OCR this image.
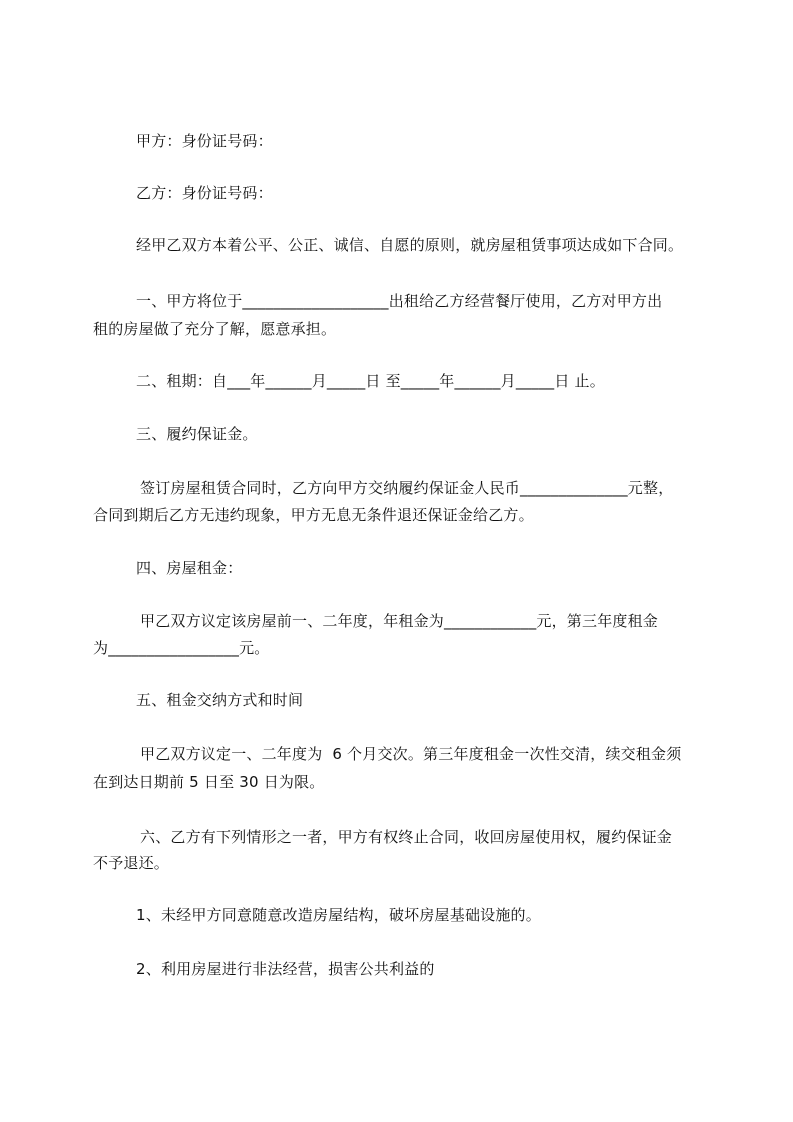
甲方：身份证号码：
乙方：身份证号码：
经甲乙双方本着公平、公正、诚信、自愿的原则，就房屋租赁事项达成如下合同。
一、甲方将位于___________________出租给乙方经营餐厅使用，乙方对甲方出
租的房屋做了充分了解，愿意承担。
二、租期：自___年______月_____日 至_____年______月_____日 止。
三、履约保证金。
签订房屋租赁合同时，乙方向甲方交纳履约保证金人民币______________元整，
合同到期后乙方无违约现象，甲方无息无条件退还保证金给乙方。
四、房屋租金：
甲乙双方议定该房屋前一、二年度，年租金为____________元，第三年度租金
为_________________元。
五、租金交纳方式和时间
甲乙双方议定一、二年度为  6 个月交次。第三年度租金一次性交清，续交租金须
在到达日期前 5 日至 30 日为限。
六、乙方有下列情形之一者，甲方有权终止合同，收回房屋使用权，履约保证金
不予退还。
1、未经甲方同意随意改造房屋结构，破坏房屋基础设施的。
2、利用房屋进行非法经营，损害公共利益的
